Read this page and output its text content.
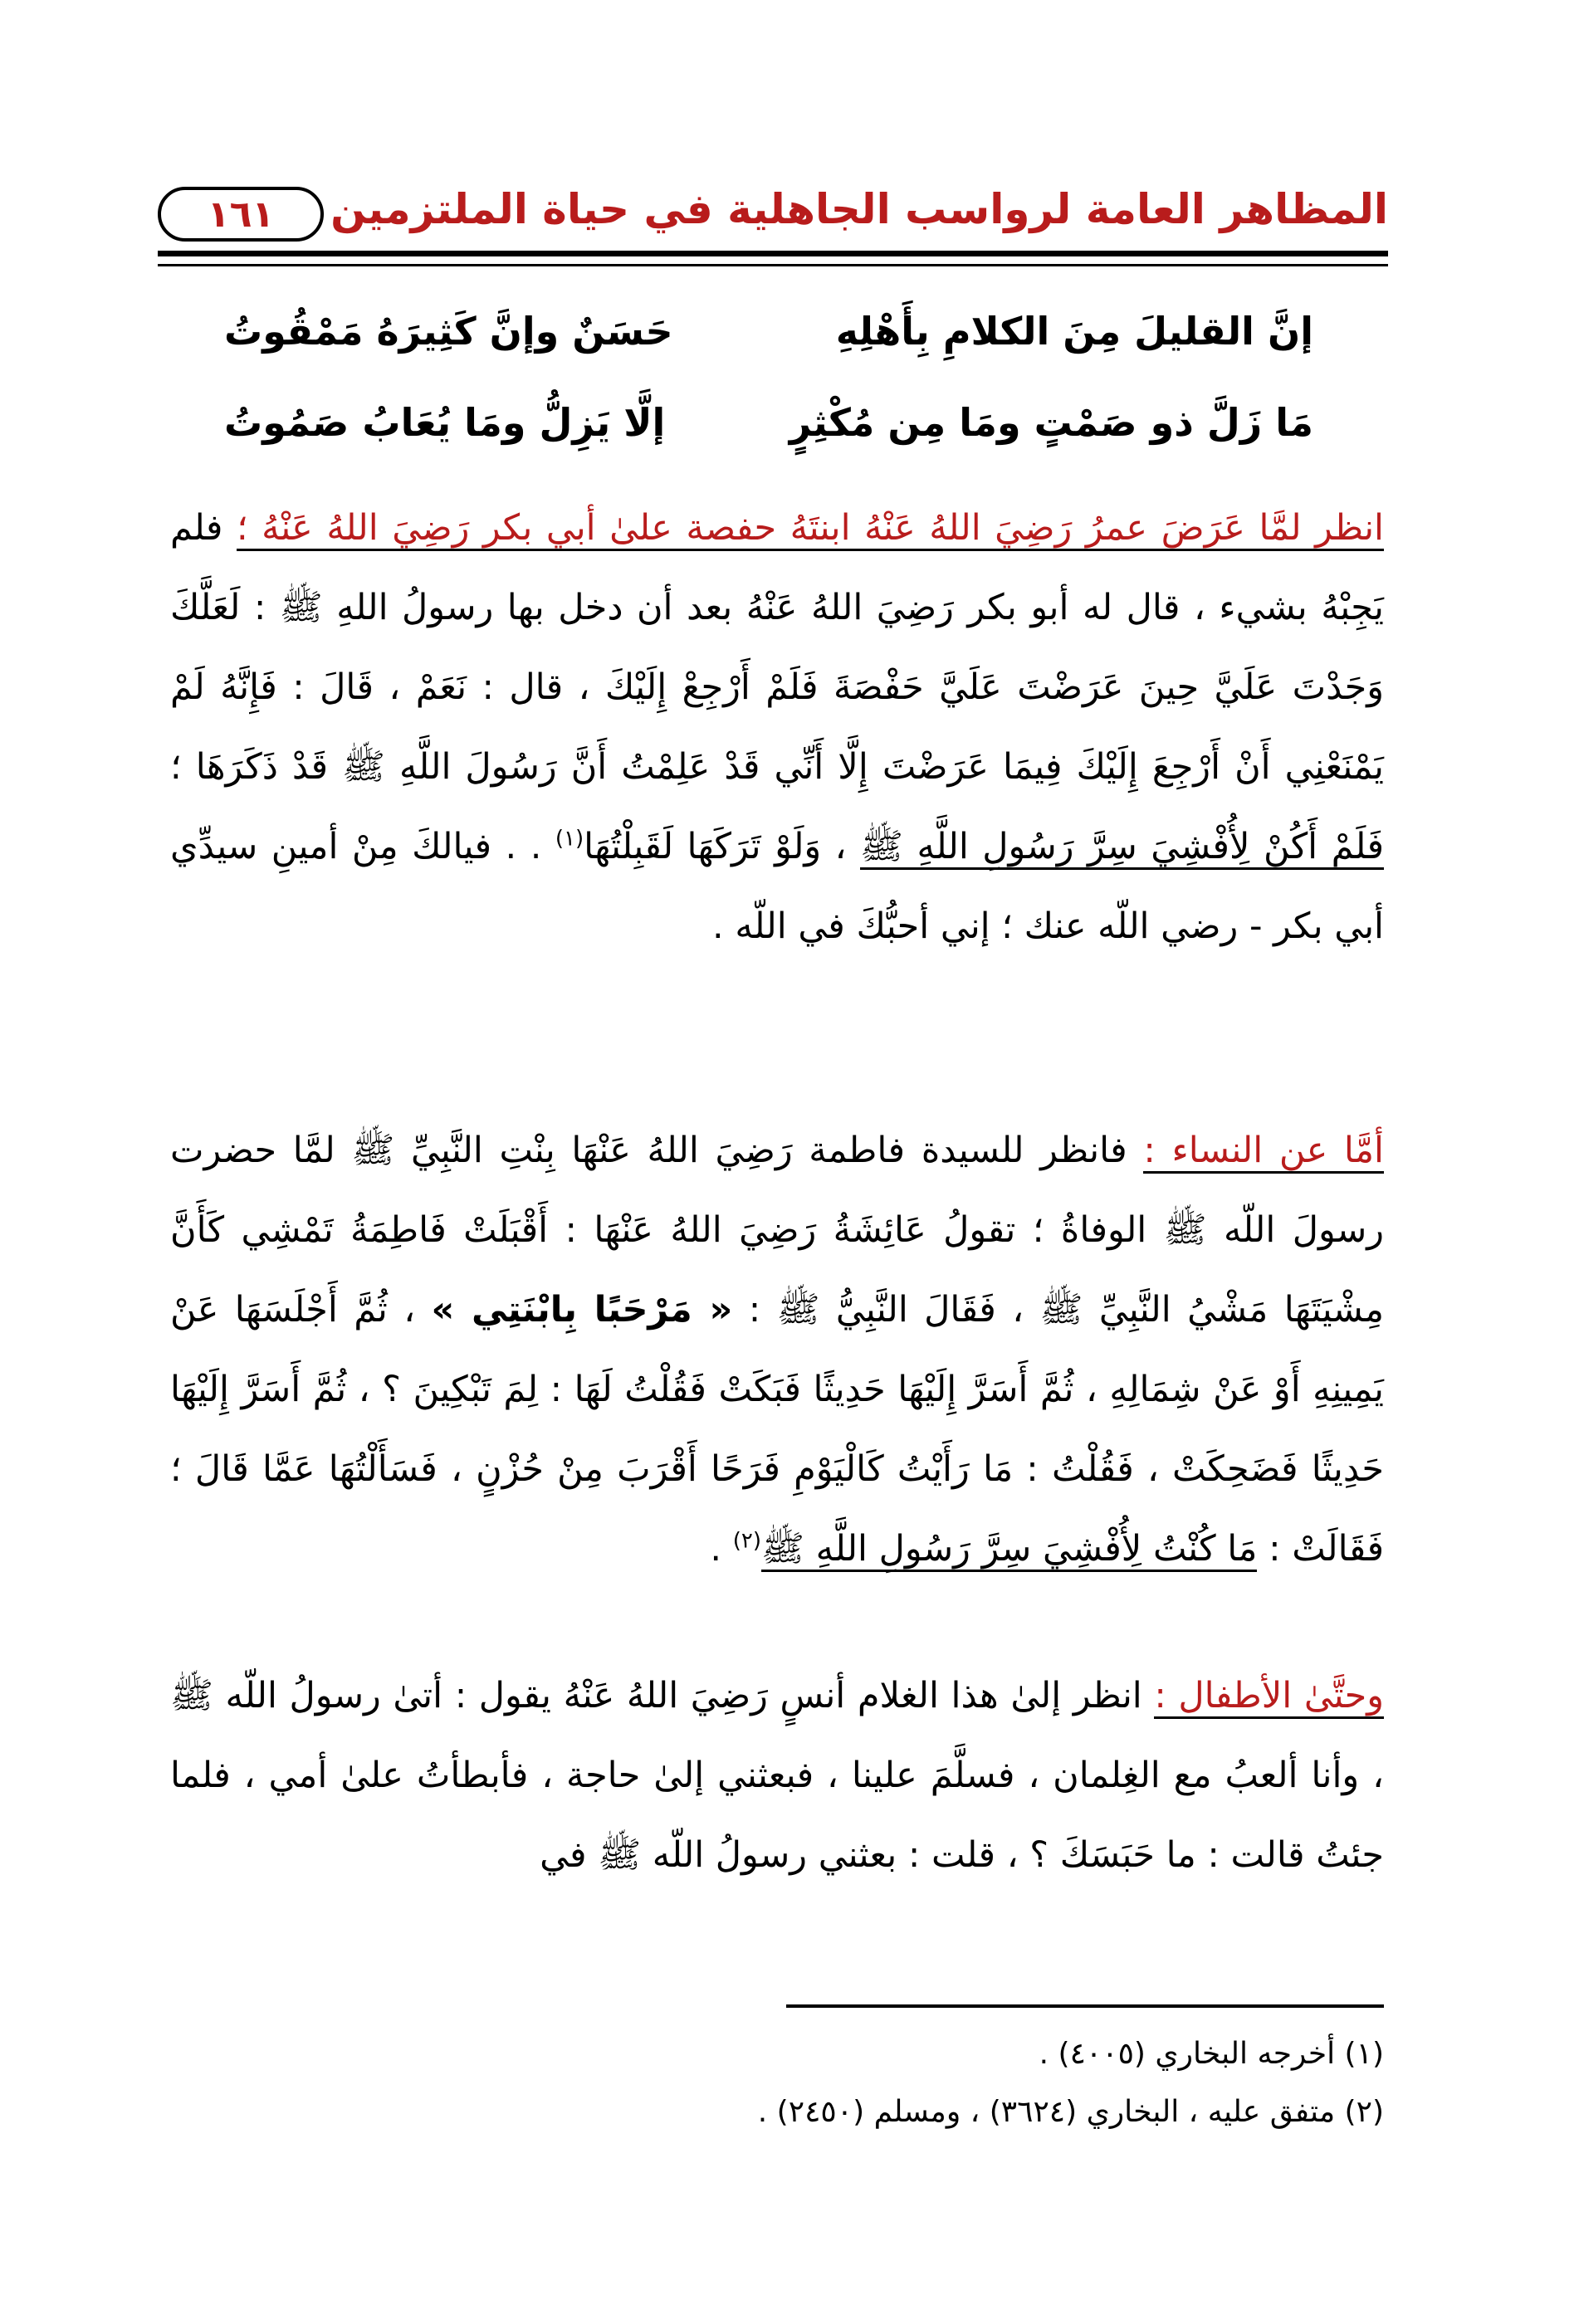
المظاهر العامة لرواسب الجاهلية في حياة الملتزمين
١٦١
إنَّ القليلَ مِنَ الكلامِ بِأَهْلِهِ
حَسَنٌ وإنَّ كَثِيرَهُ مَمْقُوتُ
مَا زَلَّ ذو صَمْتٍ ومَا مِن مُكْثِرٍ
إلَّا يَزِلُّ ومَا يُعَابُ صَمُوتُ

انظر لمَّا عَرَضَ عمرُ رَضِيَ اللهُ عَنْهُ ابنتَهُ حفصة علىٰ أبي بكر رَضِيَ اللهُ عَنْهُ ؛ فلم يَجِبْهُ بشيء ، قال له أبو بكر رَضِيَ اللهُ عَنْهُ بعد أن دخل بها رسولُ اللهِ ﷺ : لَعَلَّكَ وَجَدْتَ عَلَيَّ حِينَ عَرَضْتَ عَلَيَّ حَفْصَةَ فَلَمْ أَرْجِعْ إِلَيْكَ ، قال : نَعَمْ ، قَالَ : فَإِنَّهُ لَمْ يَمْنَعْنِي أَنْ أَرْجِعَ إِلَيْكَ فِيمَا عَرَضْتَ إِلَّا أَنِّي قَدْ عَلِمْتُ أَنَّ رَسُولَ اللَّهِ ﷺ قَدْ ذَكَرَهَا ؛ فَلَمْ أَكُنْ لِأُفْشِيَ سِرَّ رَسُولِ اللَّهِ ﷺ ، وَلَوْ تَرَكَهَا لَقَبِلْتُهَا$^{(١)}$ . . فيالكَ مِنْ أمينِ سيدِّي أبي بكر - رضي اللّه عنك ؛ إني أحبُّكَ في اللّه .

أمَّا عن النساء : فانظر للسيدة فاطمة رَضِيَ اللهُ عَنْهَا بِنْتِ النَّبِيِّ ﷺ لمَّا حضرت رسولَ اللّه ﷺ الوفاةُ ؛ تقولُ عَائِشَةُ رَضِيَ اللهُ عَنْهَا : أَقْبَلَتْ فَاطِمَةُ تَمْشِي كَأَنَّ مِشْيَتَهَا مَشْيُ النَّبِيِّ ﷺ ، فَقَالَ النَّبِيُّ ﷺ : « مَرْحَبًا بِابْنَتِي » ، ثُمَّ أَجْلَسَهَا عَنْ يَمِينِهِ أَوْ عَنْ شِمَالِهِ ، ثُمَّ أَسَرَّ إِلَيْهَا حَدِيثًا فَبَكَتْ فَقُلْتُ لَهَا : لِمَ تَبْكِينَ ؟ ، ثُمَّ أَسَرَّ إِلَيْهَا حَدِيثًا فَضَحِكَتْ ، فَقُلْتُ : مَا رَأَيْتُ كَالْيَوْمِ فَرَحًا أَقْرَبَ مِنْ حُزْنٍ ، فَسَأَلْتُهَا عَمَّا قَالَ ؛ فَقَالَتْ : مَا كُنْتُ لِأُفْشِيَ سِرَّ رَسُولِ اللَّهِ ﷺ$^{(٢)}$ .

وحتَّىٰ الأطفال : انظر إلىٰ هذا الغلام أنسٍ رَضِيَ اللهُ عَنْهُ يقول : أتىٰ رسولُ اللّه ﷺ ، وأنا ألعبُ مع الغِلمان ، فسلَّمَ علينا ، فبعثني إلىٰ حاجة ، فأبطأتُ علىٰ أمي ، فلما جئتُ قالت : ما حَبَسَكَ ؟ ، قلت : بعثني رسولُ اللّه ﷺ في

(١) أخرجه البخاري (٤٠٠٥) .
(٢) متفق عليه ، البخاري (٣٦٢٤) ، ومسلم (٢٤٥٠) .
